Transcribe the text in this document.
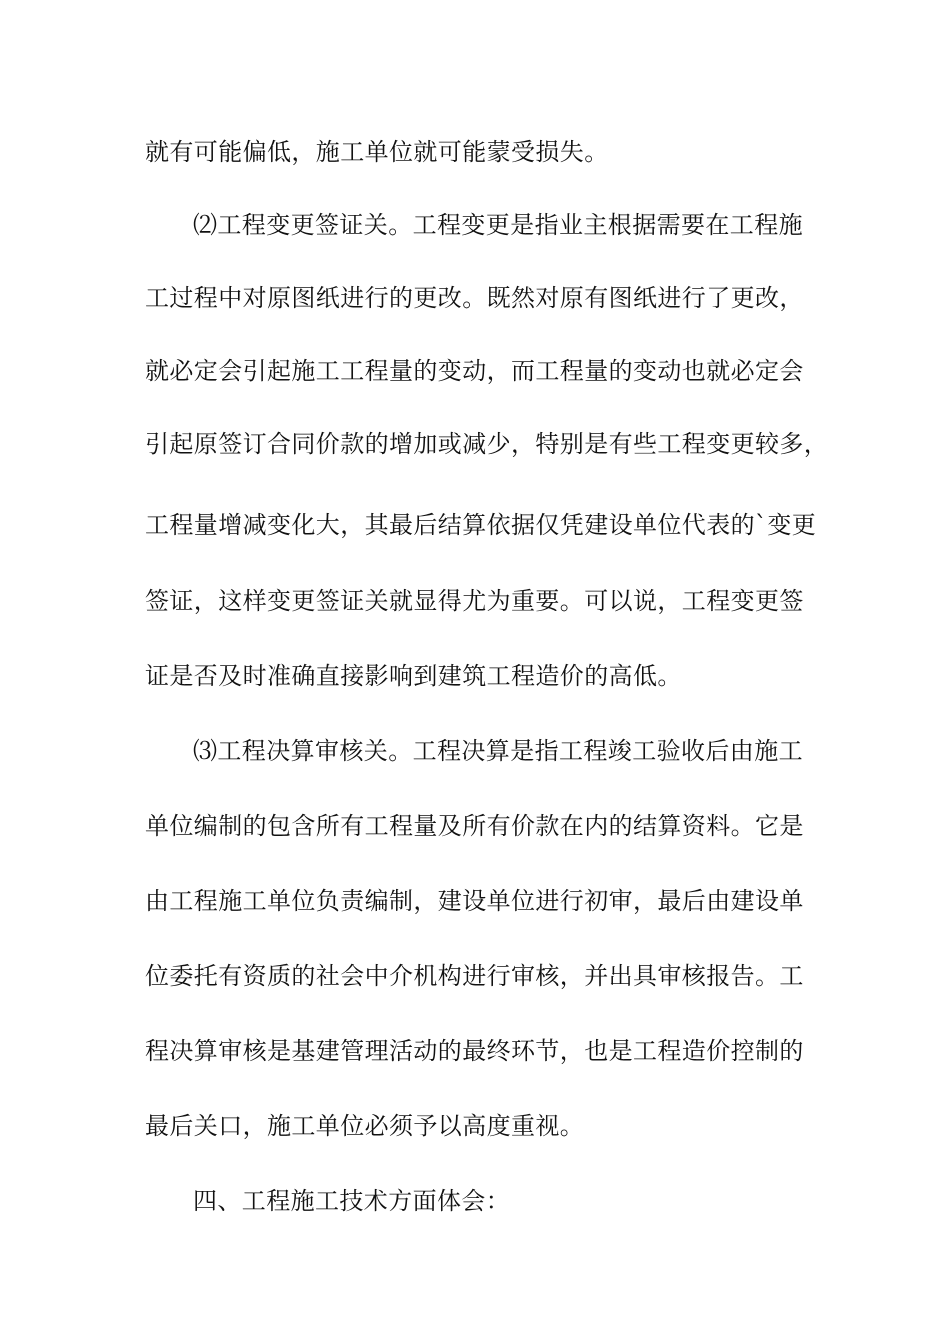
就有可能偏低，施工单位就可能蒙受损失。
⑵工程变更签证关。工程变更是指业主根据需要在工程施
工过程中对原图纸进行的更改。既然对原有图纸进行了更改，
就必定会引起施工工程量的变动，而工程量的变动也就必定会
引起原签订合同价款的增加或减少，特别是有些工程变更较多，
工程量增减变化大，其最后结算依据仅凭建设单位代表的`变更
签证，这样变更签证关就显得尤为重要。可以说，工程变更签
证是否及时准确直接影响到建筑工程造价的高低。
⑶工程决算审核关。工程决算是指工程竣工验收后由施工
单位编制的包含所有工程量及所有价款在内的结算资料。它是
由工程施工单位负责编制，建设单位进行初审，最后由建设单
位委托有资质的社会中介机构进行审核，并出具审核报告。工
程决算审核是基建管理活动的最终环节，也是工程造价控制的
最后关口，施工单位必须予以高度重视。
四、工程施工技术方面体会：
